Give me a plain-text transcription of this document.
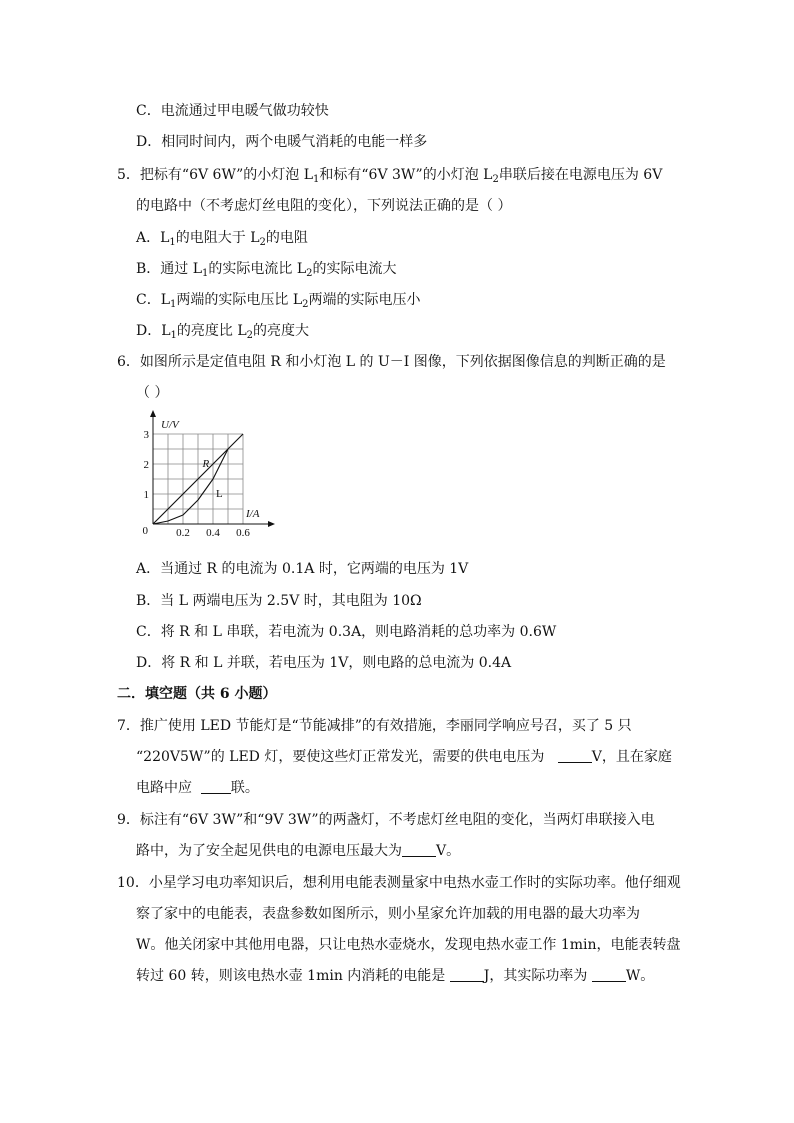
C．电流通过甲电暖气做功较快
D．相同时间内，两个电暖气消耗的电能一样多
5．把标有“6V 6W”的小灯泡 $L_1$和标有“6V 3W”的小灯泡 $L_2$串联后接在电源电压为 6V
的电路中（不考虑灯丝电阻的变化），下列说法正确的是（ ）
A．$L_1$的电阻大于 $L_2$的电阻
B．通过 $L_1$的实际电流比 $L_2$的实际电流大
C．$L_1$两端的实际电压比 $L_2$两端的实际电压小
D．$L_1$的亮度比 $L_2$的亮度大
6．如图所示是定值电阻 R 和小灯泡 L 的 U－I 图像，下列依据图像信息的判断正确的是
（ ）
0.2 0.4 0.6
1
2
3
0
U/V
I/A
R
L
A．当通过 R 的电流为 0.1A 时，它两端的电压为 1V
B．当 L 两端电压为 2.5V 时，其电阻为 10Ω
C．将 R 和 L 串联，若电流为 0.3A，则电路消耗的总功率为 0.6W
D．将 R 和 L 并联，若电压为 1V，则电路的总电流为 0.4A
二．填空题（共 6 小题）
7．推广使用 LED 节能灯是“节能减排”的有效措施，李丽同学响应号召，买了 5 只
“220V5W”的 LED 灯，要使这些灯正常发光，需要的供电电压为	V，且在家庭
电路中应	联。
9．标注有“6V 3W”和“9V 3W”的两盏灯，不考虑灯丝电阻的变化，当两灯串联接入电
路中，为了安全起见供电的电源电压最大为 V。
10．小星学习电功率知识后，想利用电能表测量家中电热水壶工作时的实际功率。他仔细观
察了家中的电能表，表盘参数如图所示，则小星家允许加载的用电器的最大功率为
W。他关闭家中其他用电器，只让电热水壶烧水，发现电热水壶工作 1min，电能表转盘
转过 60 转，则该电热水壶 1min 内消耗的电能是	J，其实际功率为	W。
